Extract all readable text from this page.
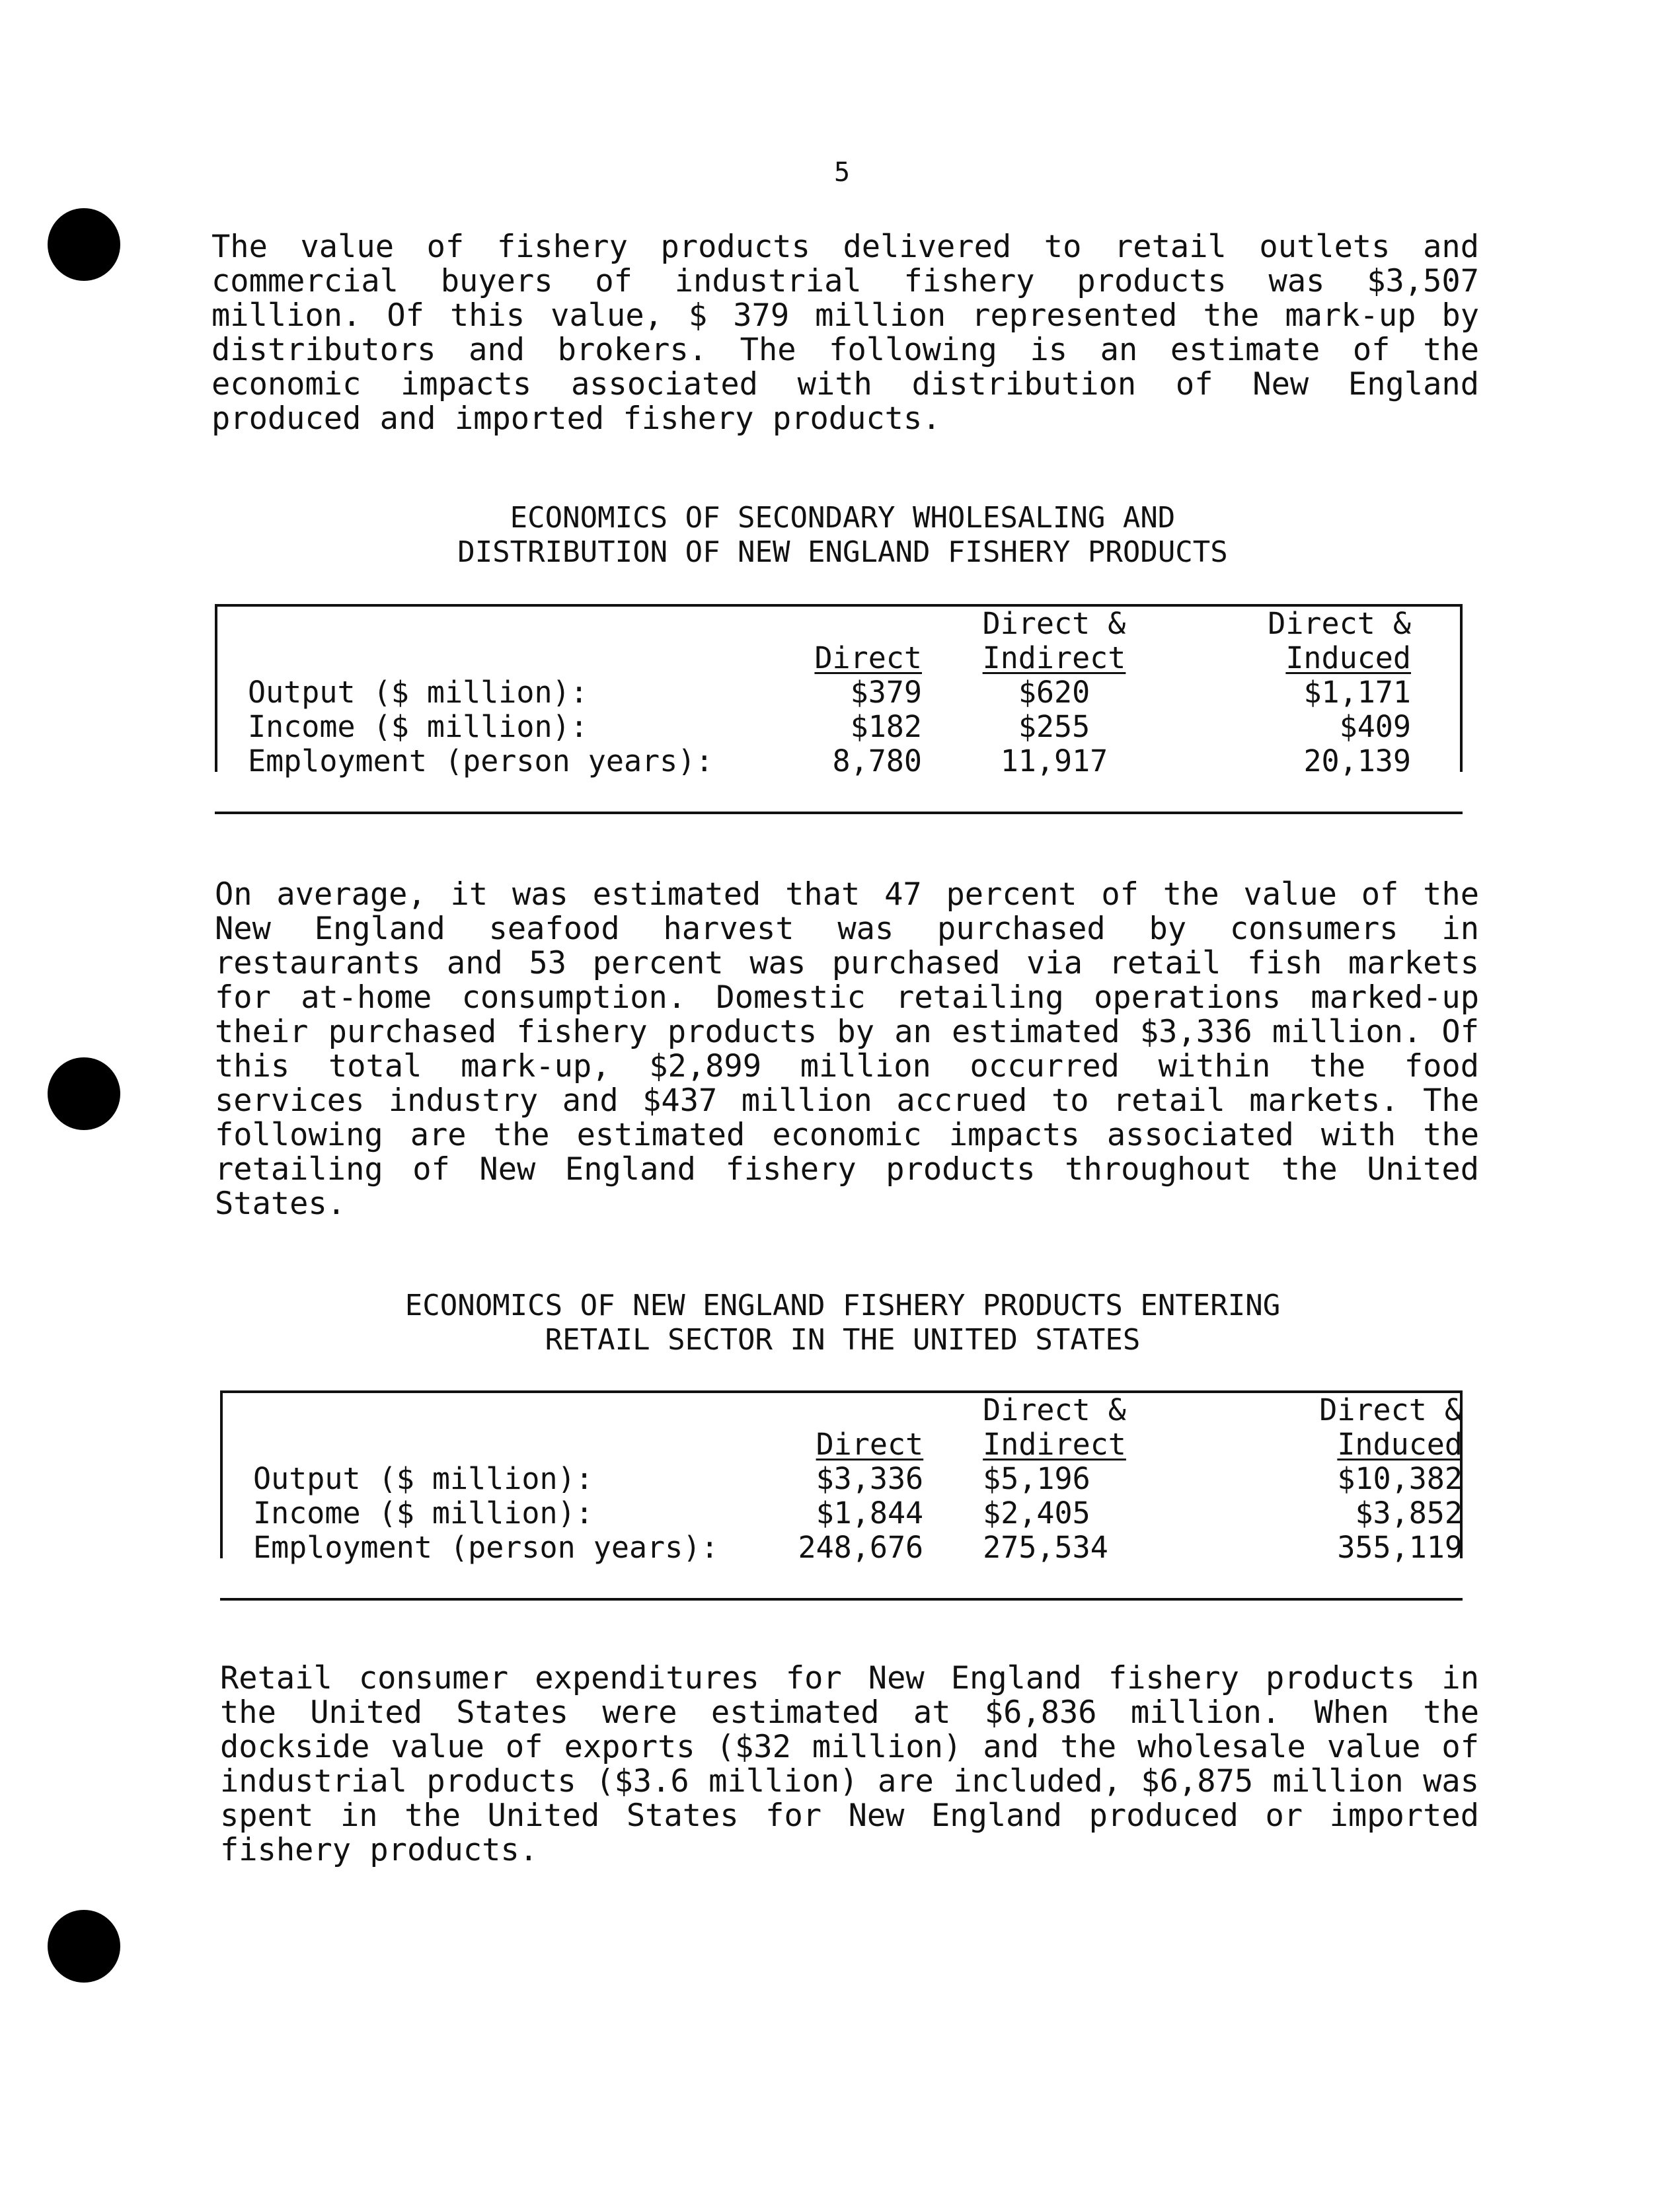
5

The value of fishery products delivered to retail outlets and commercial buyers of industrial fishery products was $3,507 million. Of this value, $ 379 million represented the mark-up by distributors and brokers. The following is an estimate of the economic impacts associated with distribution of New England produced and imported fishery products.

ECONOMICS OF SECONDARY WHOLESALING AND
DISTRIBUTION OF NEW ENGLAND FISHERY PRODUCTS
		Direct &	Direct &
	Direct	Indirect	Induced
Output ($ million):	$379	$620	$1,171
Income ($ million):	$182	$255	$409
Employment (person years):	8,780	11,917	20,139

On average, it was estimated that 47 percent of the value of the New England seafood harvest was purchased by consumers in restaurants and 53 percent was purchased via retail fish markets for at-home consumption. Domestic retailing operations marked-up their purchased fishery products by an estimated $3,336 million. Of this total mark-up, $2,899 million occurred within the food services industry and $437 million accrued to retail markets. The following are the estimated economic impacts associated with the retailing of New England fishery products throughout the United States.

ECONOMICS OF NEW ENGLAND FISHERY PRODUCTS ENTERING
RETAIL SECTOR IN THE UNITED STATES
		Direct &	Direct &
	Direct	Indirect	Induced
Output ($ million):	$3,336	$5,196	$10,382
Income ($ million):	$1,844	$2,405	$3,852
Employment (person years):	248,676	275,534	355,119

Retail consumer expenditures for New England fishery products in the United States were estimated at $6,836 million. When the dockside value of exports ($32 million) and the wholesale value of industrial products ($3.6 million) are included, $6,875 million was spent in the United States for New England produced or imported fishery products.
